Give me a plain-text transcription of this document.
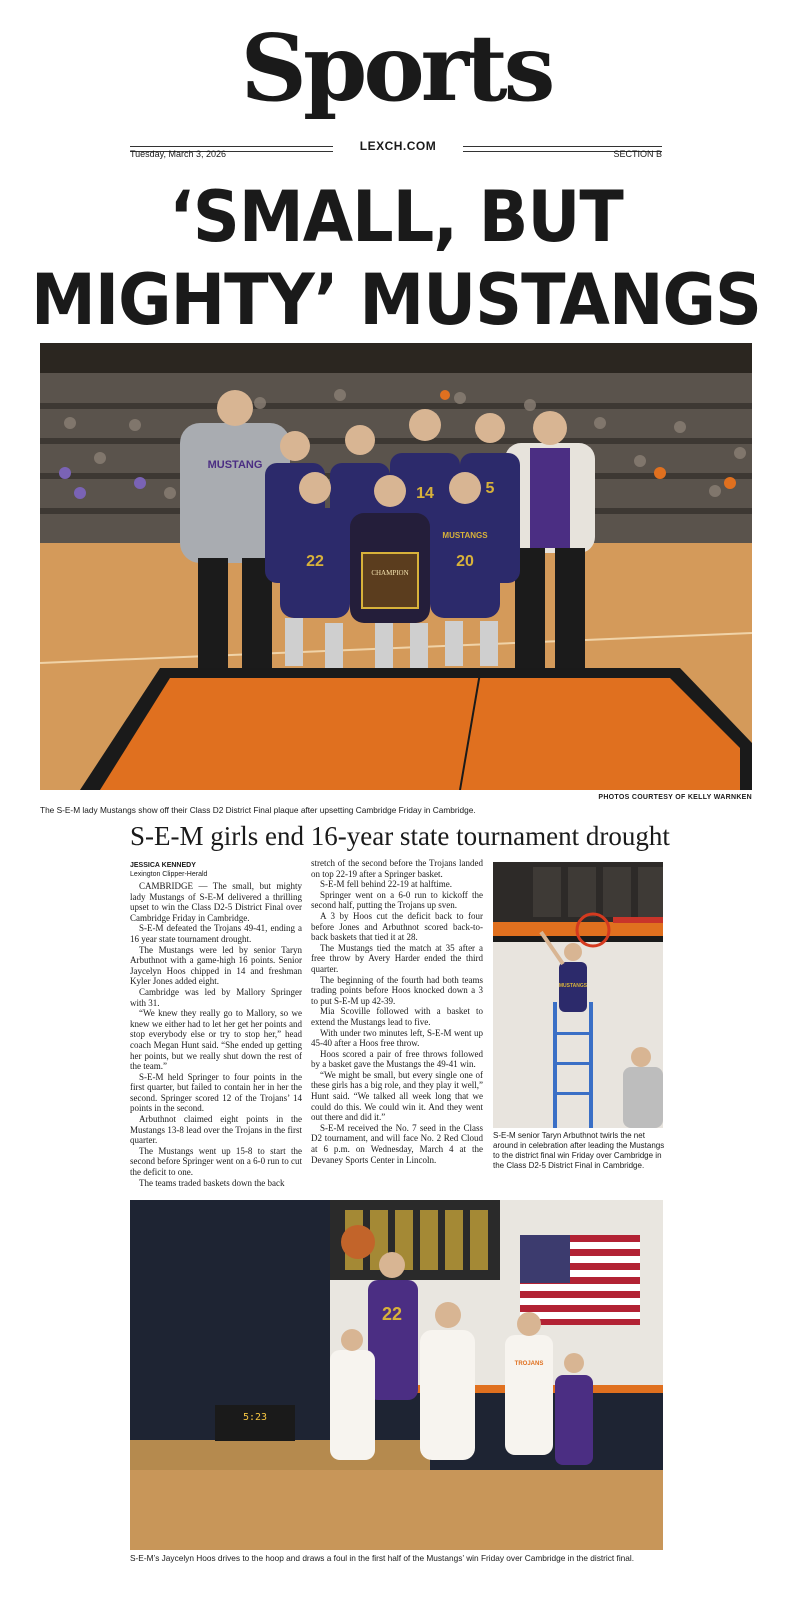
Sports
LEXCH.COM
Tuesday, March 3, 2026	SECTION B
‘SMALL, BUT
MIGHTY’ MUSTANGS
MUSTANG
14	5
22	20
MUSTANGS
CHAMPION
PHOTOS COURTESY OF KELLY WARNKEN
The S-E-M lady Mustangs show off their Class D2 District Final plaque after upsetting Cambridge Friday in Cambridge.
S-E-M girls end 16-year state tournament drought
JESSICA KENNEDY
Lexington Clipper-Herald

CAMBRIDGE — The small, but mighty lady Mustangs of S-E-M delivered a thrilling upset to win the Class D2-5 District Final over Cambridge Friday in Cambridge.

S-E-M defeated the Trojans 49-41, ending a 16 year state tournament drought.

The Mustangs were led by senior Taryn Arbuthnot with a game-high 16 points. Senior Jaycelyn Hoos chipped in 14 and freshman Kyler Jones added eight.

Cambridge was led by Mallory Springer with 31.

“We knew they really go to Mallory, so we knew we either had to let her get her points and stop everybody else or try to stop her,” head coach Megan Hunt said. “She ended up getting her points, but we really shut down the rest of the team.”

S-E-M held Springer to four points in the first quarter, but failed to contain her in her the second. Springer scored 12 of the Trojans’ 14 points in the second.

Arbuthnot claimed eight points in the Mustangs 13-8 lead over the Trojans in the first quarter.

The Mustangs went up 15-8 to start the second before Springer went on a 6-0 run to cut the deficit to one.

The teams traded baskets down the back

stretch of the second before the Trojans landed on top 22-19 after a Springer basket.

S-E-M fell behind 22-19 at halftime.

Springer went on a 6-0 run to kickoff the second half, putting the Trojans up sven.

A 3 by Hoos cut the deficit back to four before Jones and Arbuthnot scored back-to-back baskets that tied it at 28.

The Mustangs tied the match at 35 after a free throw by Avery Harder ended the third quarter.

The beginning of the fourth had both teams trading points before Hoos knocked down a 3 to put S-E-M up 42-39.

Mia Scoville followed with a basket to extend the Mustangs lead to five.

With under two minutes left, S-E-M went up 45-40 after a Hoos free throw.

Hoos scored a pair of free throws followed by a basket gave the Mustangs the 49-41 win.

“We might be small, but every single one of these girls has a big role, and they play it well,” Hunt said. “We talked all week long that we could do this. We could win it. And they went out there and did it.”

S-E-M received the No. 7 seed in the Class D2 tournament, and will face No. 2 Red Cloud at 6 p.m. on Wednesday, March 4 at the Devaney Sports Center in Lincoln.

MUSTANGS
S-E-M senior Taryn Arbuthnot twirls the net around in celebration after leading the Mustangs to the district final win Friday over Cambridge in the Class D2-5 District Final in Cambridge.
5:23
22
TROJANS
S-E-M’s Jaycelyn Hoos drives to the hoop and draws a foul in the first half of the Mustangs’ win Friday over Cambridge in the district final.
